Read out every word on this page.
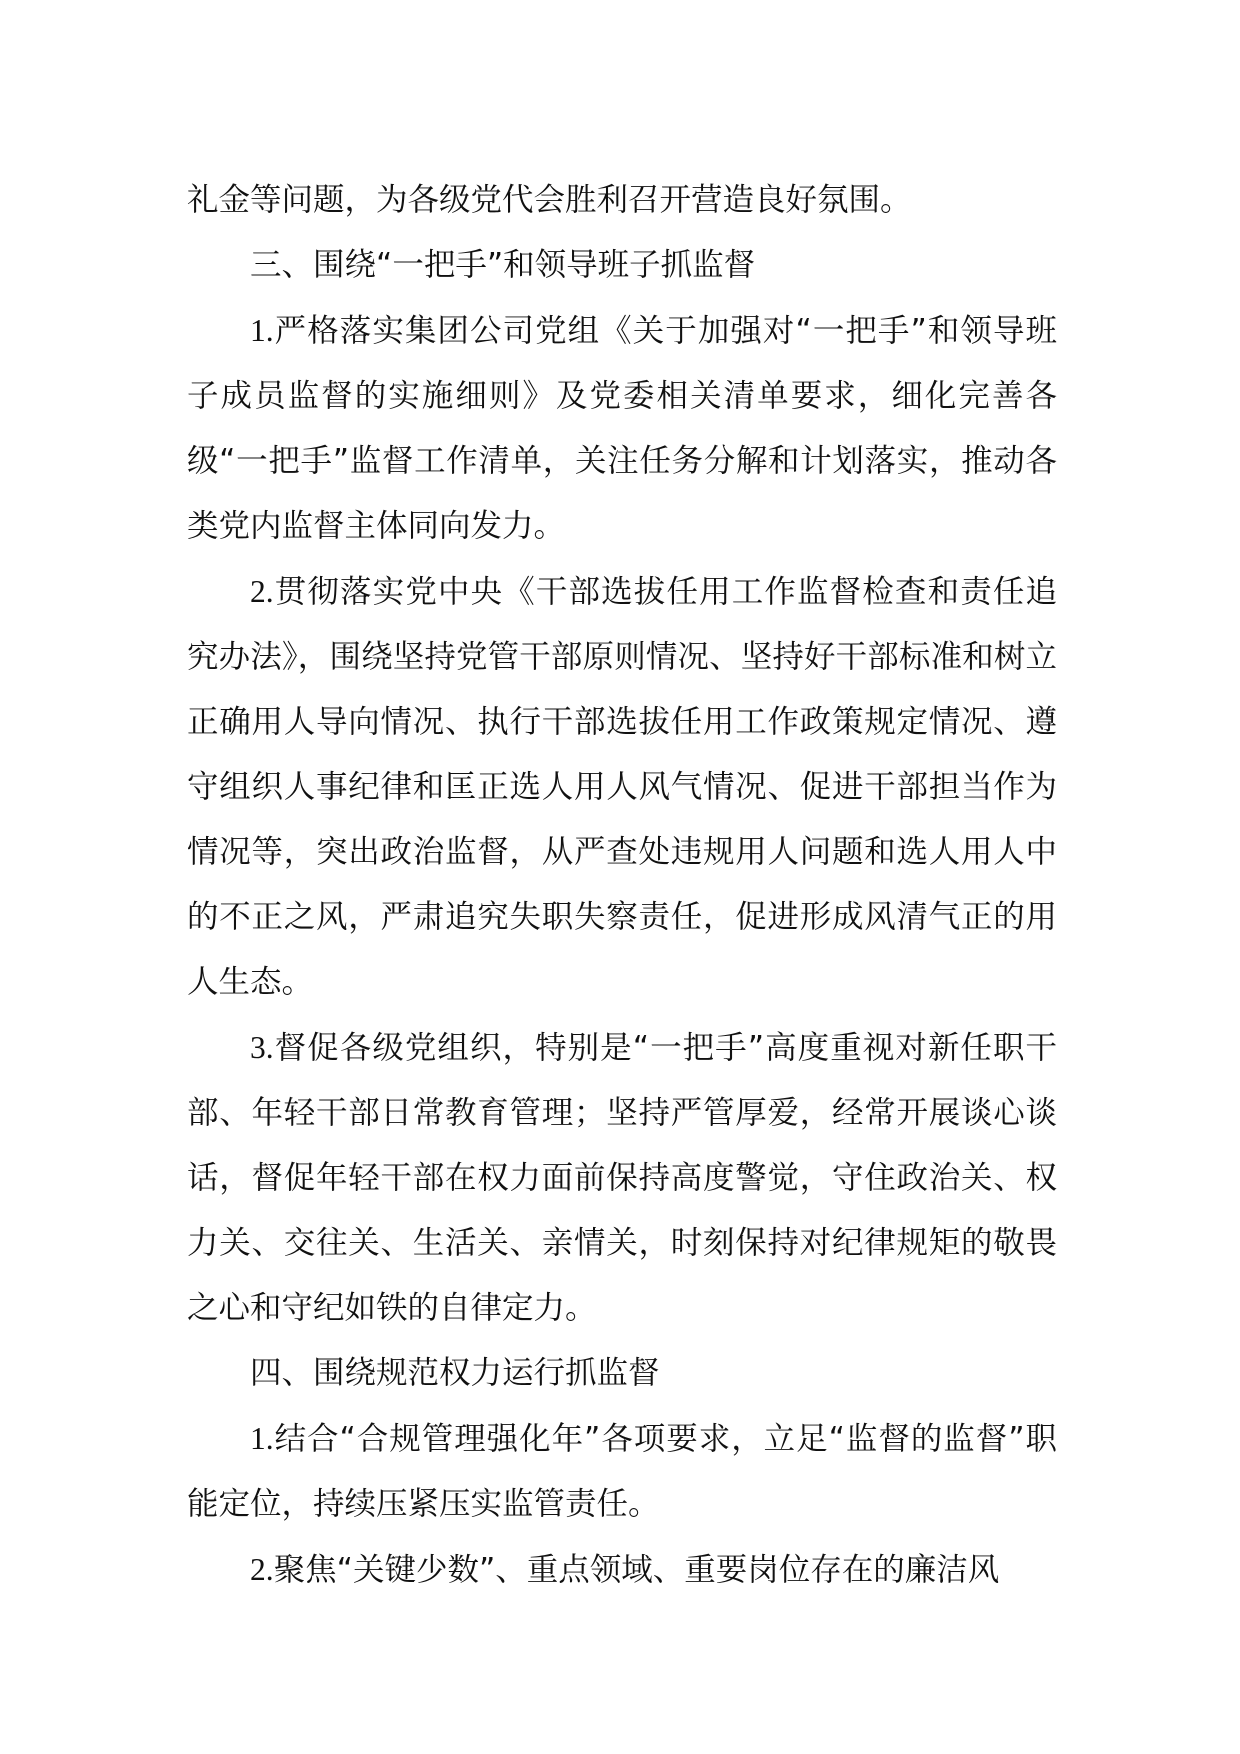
礼金等问题，为各级党代会胜利召开营造良好氛围。

三、围绕“一把手”和领导班子抓监督

1.严格落实集团公司党组《关于加强对“一把手”和领导班子成员监督的实施细则》及党委相关清单要求，细化完善各级“一把手”监督工作清单，关注任务分解和计划落实，推动各类党内监督主体同向发力。

2.贯彻落实党中央《干部选拔任用工作监督检查和责任追究办法》，围绕坚持党管干部原则情况、坚持好干部标准和树立正确用人导向情况、执行干部选拔任用工作政策规定情况、遵守组织人事纪律和匡正选人用人风气情况、促进干部担当作为情况等，突出政治监督，从严查处违规用人问题和选人用人中的不正之风，严肃追究失职失察责任，促进形成风清气正的用人生态。

3.督促各级党组织，特别是“一把手”高度重视对新任职干部、年轻干部日常教育管理；坚持严管厚爱，经常开展谈心谈话，督促年轻干部在权力面前保持高度警觉，守住政治关、权力关、交往关、生活关、亲情关，时刻保持对纪律规矩的敬畏之心和守纪如铁的自律定力。

四、围绕规范权力运行抓监督

1.结合“合规管理强化年”各项要求，立足“监督的监督”职能定位，持续压紧压实监管责任。

2.聚焦“关键少数”、重点领域、重要岗位存在的廉洁风
